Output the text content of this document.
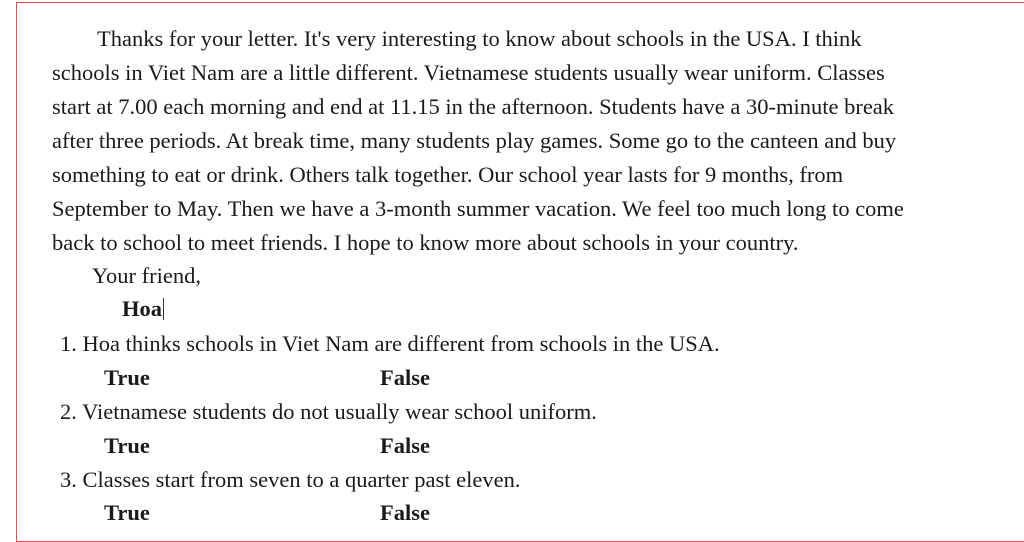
Thanks for your letter. It's very interesting to know about schools in the USA. I think
schools in Viet Nam are a little different. Vietnamese students usually wear uniform. Classes
start at 7.00 each morning and end at 11.15 in the afternoon. Students have a 30-minute break
after three periods. At break time, many students play games. Some go to the canteen and buy
something to eat or drink. Others talk together. Our school year lasts for 9 months, from
September to May. Then we have a 3-month summer vacation. We feel too much long to come
back to school to meet friends. I hope to know more about schools in your country.
Your friend,
Hoa
1. Hoa thinks schools in Viet Nam are different from schools in the USA.
True	False
2. Vietnamese students do not usually wear school uniform.
True	False
3. Classes start from seven to a quarter past eleven.
True	False
